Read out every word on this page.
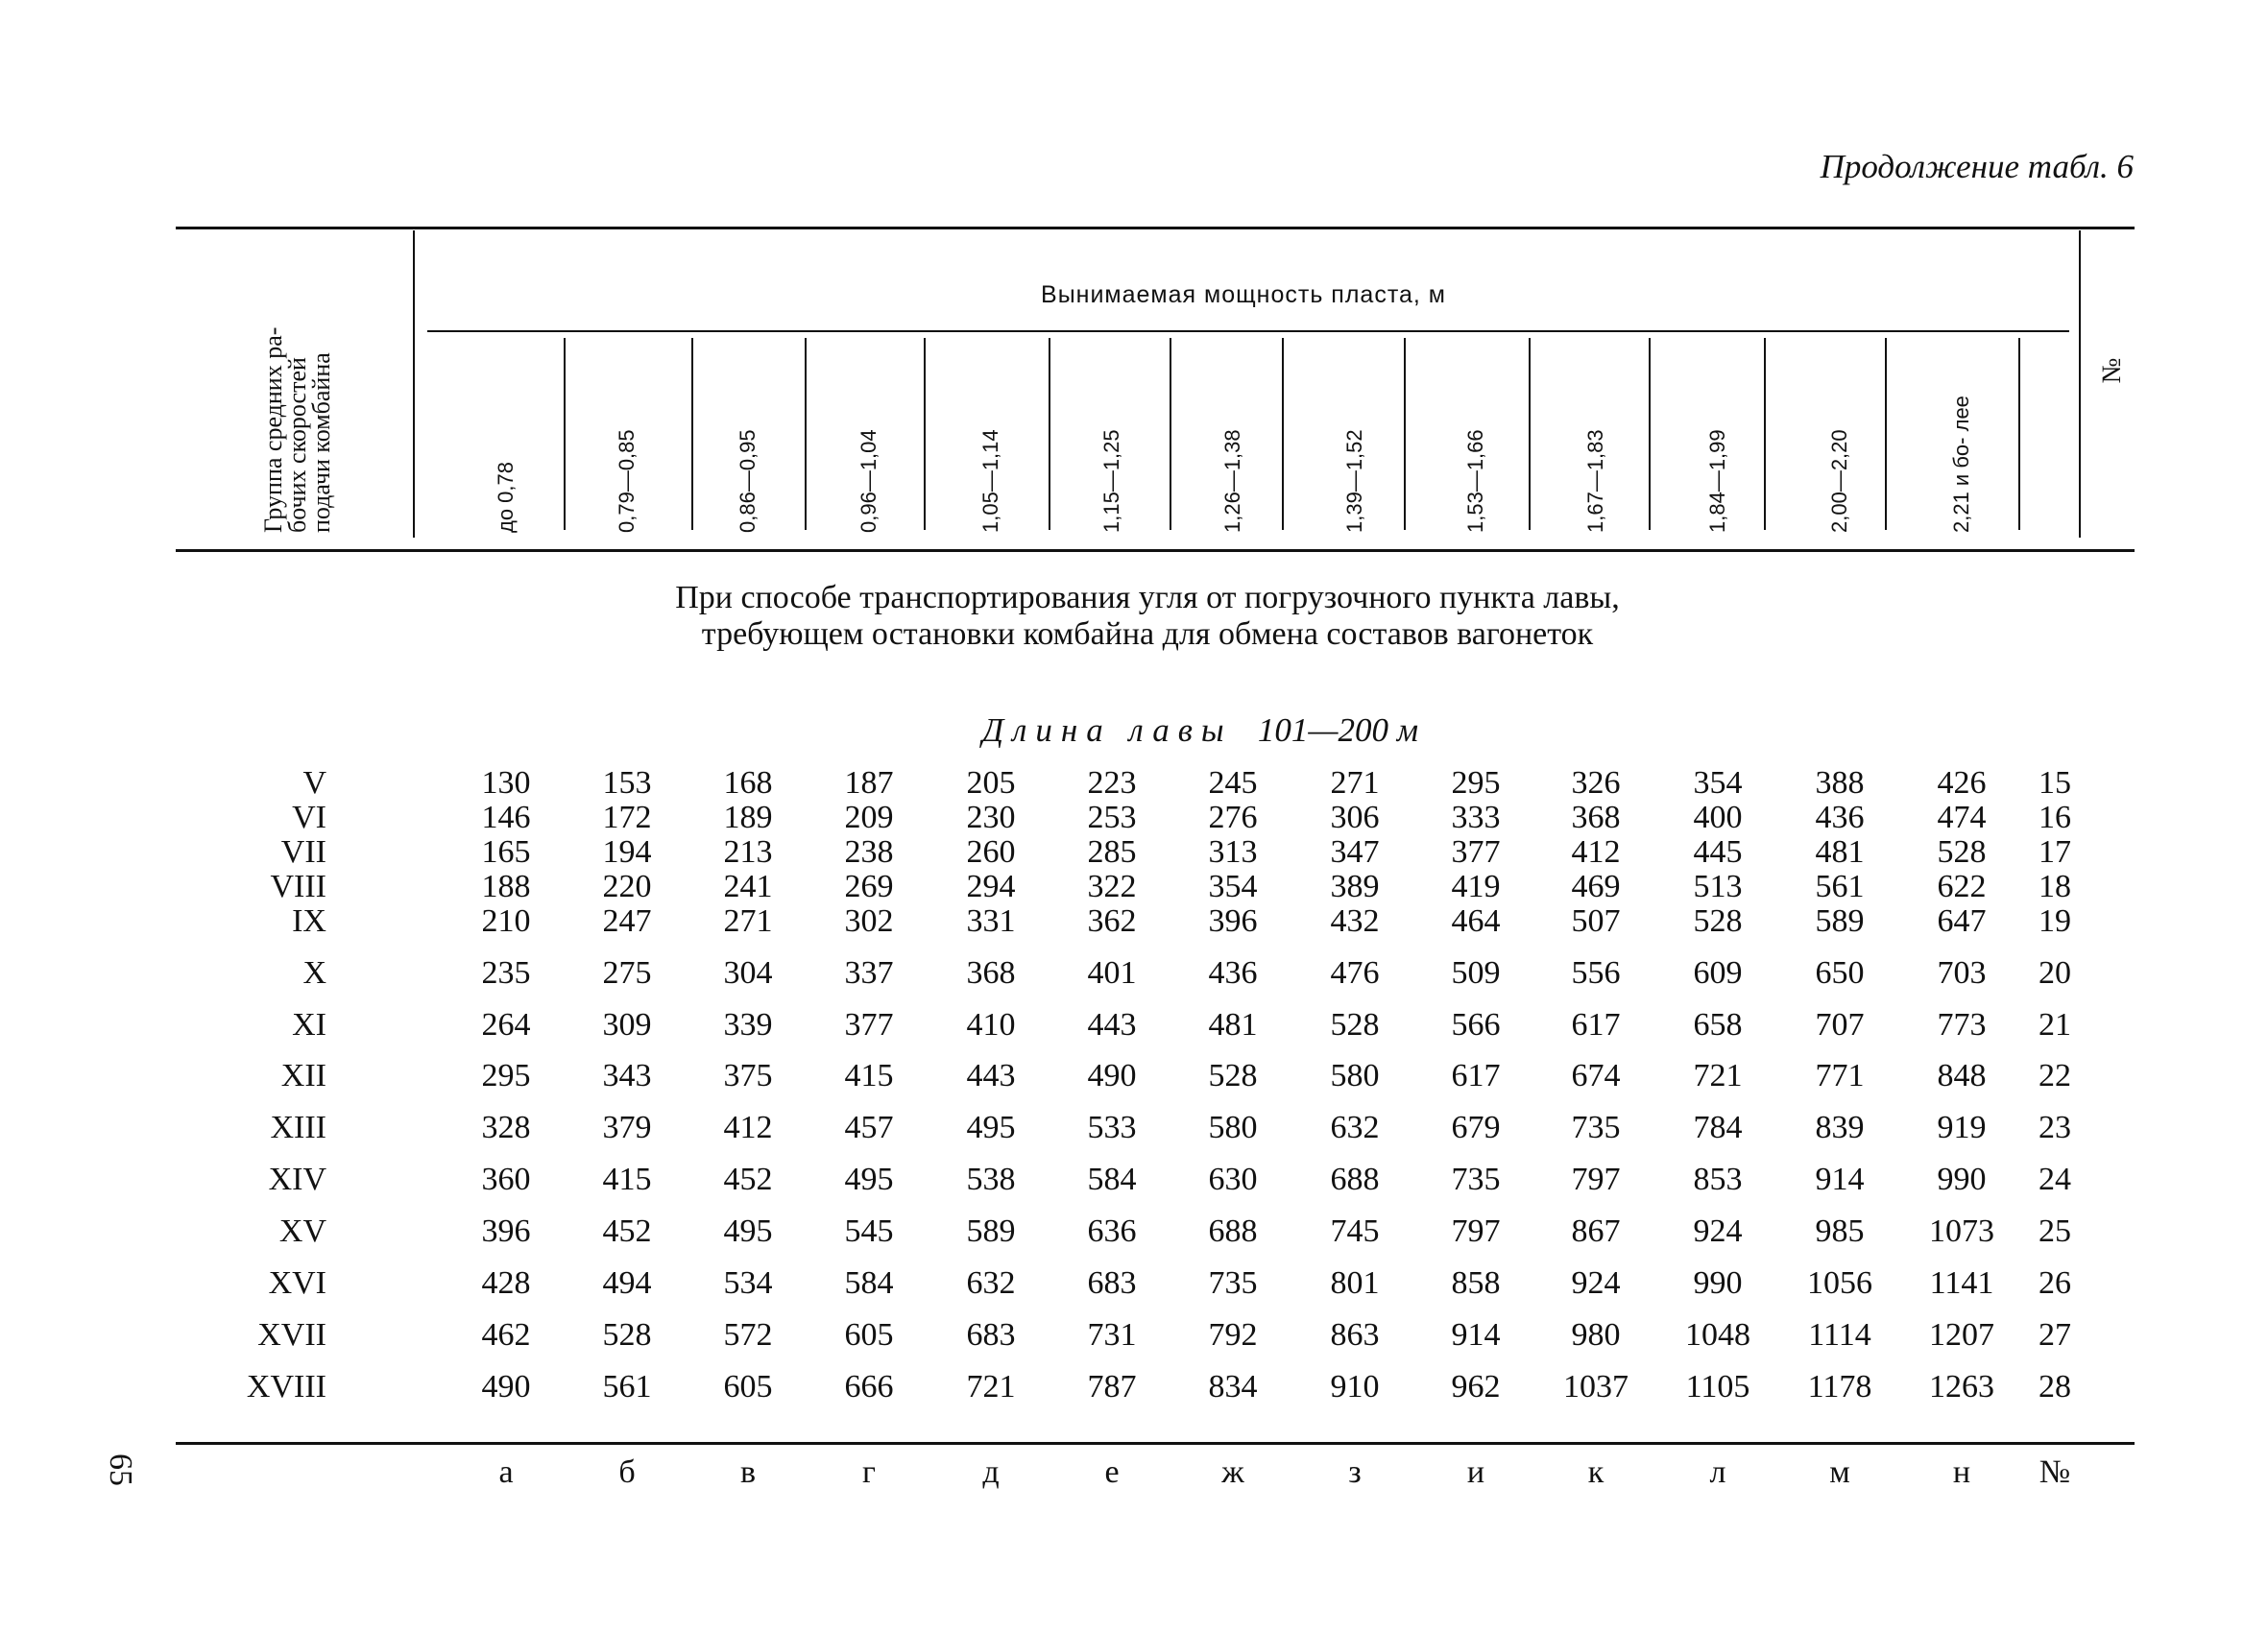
Продолжение табл. 6
Группа средних ра-
бочих скоростей
подачи комбайна
Вынимаемая мощность пласта, м
№
до 0,78	0,79—0,85	0,86—0,95	0,96—1,04	1,05—1,14	1,15—1,25	1,26—1,38	1,39—1,52	1,53—1,66	1,67—1,83	1,84—1,99	2,00—2,20	2,21 и бо- лее
При способе транспортирования угля от погрузочного пункта лавы,
требующем остановки комбайна для обмена составов вагонеток
Длина лавы 101—200 м
V	130	153	168	187	205	223	245	271	295	326	354	388	426	15
VI	146	172	189	209	230	253	276	306	333	368	400	436	474	16
VII	165	194	213	238	260	285	313	347	377	412	445	481	528	17
VIII	188	220	241	269	294	322	354	389	419	469	513	561	622	18
IX	210	247	271	302	331	362	396	432	464	507	528	589	647	19
X	235	275	304	337	368	401	436	476	509	556	609	650	703	20
XI	264	309	339	377	410	443	481	528	566	617	658	707	773	21
XII	295	343	375	415	443	490	528	580	617	674	721	771	848	22
XIII	328	379	412	457	495	533	580	632	679	735	784	839	919	23
XIV	360	415	452	495	538	584	630	688	735	797	853	914	990	24
XV	396	452	495	545	589	636	688	745	797	867	924	985	1073	25
XVI	428	494	534	584	632	683	735	801	858	924	990	1056	1141	26
XVII	462	528	572	605	683	731	792	863	914	980	1048	1114	1207	27
XVIII	490	561	605	666	721	787	834	910	962	1037	1105	1178	1263	28
а	б	в	г	д	е	ж	з	и	к	л	м	н	№
65
